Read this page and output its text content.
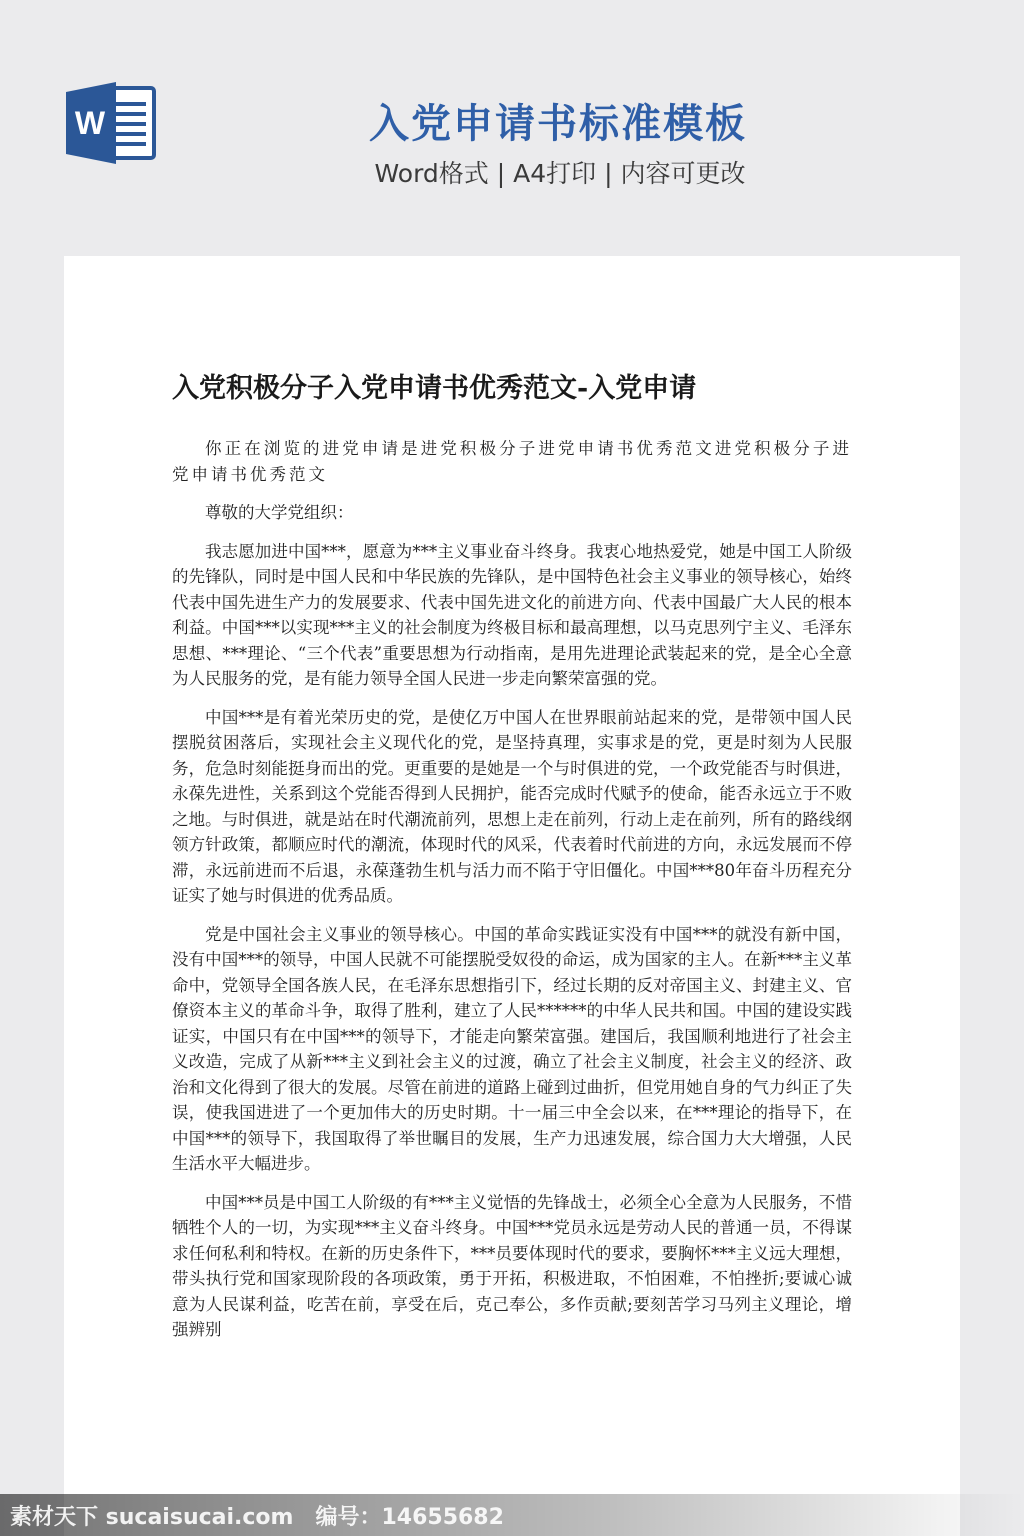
W	入党申请书标准模板
Word格式 | A4打印 | 内容可更改
入党积极分子入党申请书优秀范文-入党申请

你正在浏览的进党申请是进党积极分子进党申请书优秀范文进党积极分子进党申请书优秀范文

尊敬的大学党组织：

我志愿加进中国***，愿意为***主义事业奋斗终身。我衷心地热爱党，她是中国工人阶级的先锋队，同时是中国人民和中华民族的先锋队，是中国特色社会主义事业的领导核心，始终代表中国先进生产力的发展要求、代表中国先进文化的前进方向、代表中国最广大人民的根本利益。中国***以实现***主义的社会制度为终极目标和最高理想，以马克思列宁主义、毛泽东思想、***理论、“三个代表”重要思想为行动指南，是用先进理论武装起来的党，是全心全意为人民服务的党，是有能力领导全国人民进一步走向繁荣富强的党。

中国***是有着光荣历史的党，是使亿万中国人在世界眼前站起来的党，是带领中国人民摆脱贫困落后，实现社会主义现代化的党，是坚持真理，实事求是的党，更是时刻为人民服务，危急时刻能挺身而出的党。更重要的是她是一个与时俱进的党，一个政党能否与时俱进，永葆先进性，关系到这个党能否得到人民拥护，能否完成时代赋予的使命，能否永远立于不败之地。与时俱进，就是站在时代潮流前列，思想上走在前列，行动上走在前列，所有的路线纲领方针政策，都顺应时代的潮流，体现时代的风采，代表着时代前进的方向，永远发展而不停滞，永远前进而不后退，永葆蓬勃生机与活力而不陷于守旧僵化。中国***80年奋斗历程充分证实了她与时俱进的优秀品质。

党是中国社会主义事业的领导核心。中国的革命实践证实没有中国***的就没有新中国，没有中国***的领导，中国人民就不可能摆脱受奴役的命运，成为国家的主人。在新***主义革命中，党领导全国各族人民，在毛泽东思想指引下，经过长期的反对帝国主义、封建主义、官僚资本主义的革命斗争，取得了胜利，建立了人民******的中华人民共和国。中国的建设实践证实，中国只有在中国***的领导下，才能走向繁荣富强。建国后，我国顺利地进行了社会主义改造，完成了从新***主义到社会主义的过渡，确立了社会主义制度，社会主义的经济、政治和文化得到了很大的发展。尽管在前进的道路上碰到过曲折，但党用她自身的气力纠正了失误，使我国进进了一个更加伟大的历史时期。十一届三中全会以来，在***理论的指导下，在中国***的领导下，我国取得了举世瞩目的发展，生产力迅速发展，综合国力大大增强，人民生活水平大幅进步。

中国***员是中国工人阶级的有***主义觉悟的先锋战士，必须全心全意为人民服务，不惜牺牲个人的一切，为实现***主义奋斗终身。中国***党员永远是劳动人民的普通一员，不得谋求任何私利和特权。在新的历史条件下，***员要体现时代的要求，要胸怀***主义远大理想，带头执行党和国家现阶段的各项政策，勇于开拓，积极进取，不怕困难，不怕挫折;要诚心诚意为人民谋利益，吃苦在前，享受在后，克己奉公，多作贡献;要刻苦学习马列主义理论，增强辨别

素材天下 sucaisucai.com　编号：14655682
